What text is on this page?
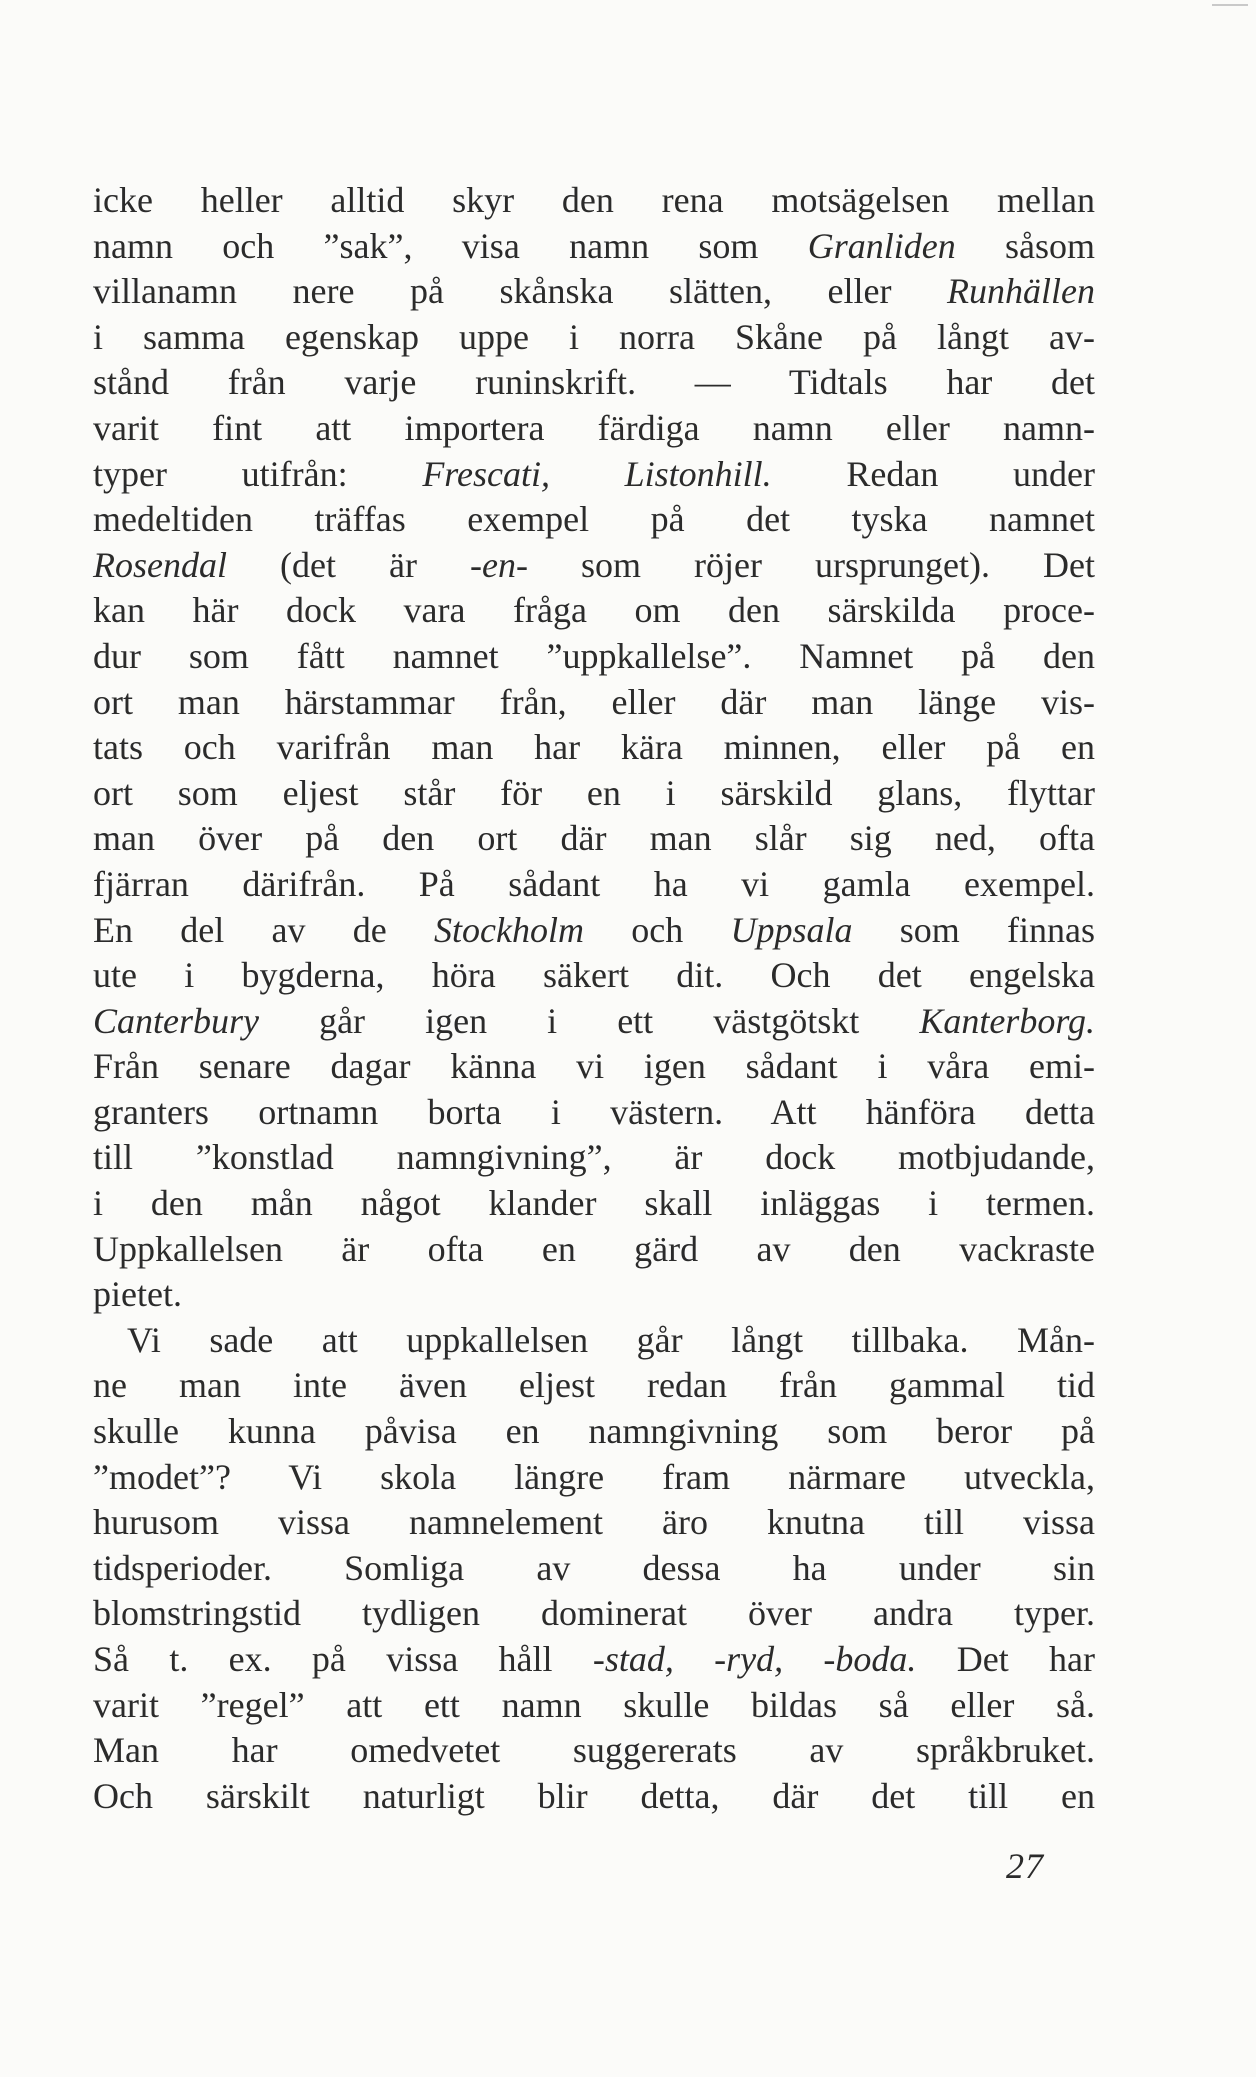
icke heller alltid skyr den rena motsägelsen mellan
namn och ”sak”, visa namn som Granliden såsom
villanamn nere på skånska slätten, eller Runhällen
i samma egenskap uppe i norra Skåne på långt av-
stånd från varje runinskrift. — Tidtals har det
varit fint att importera färdiga namn eller namn-
typer utifrån: Frescati, Listonhill. Redan under
medeltiden träffas exempel på det tyska namnet
Rosendal (det är -en- som röjer ursprunget). Det
kan här dock vara fråga om den särskilda proce-
dur som fått namnet ”uppkallelse”. Namnet på den
ort man härstammar från, eller där man länge vis-
tats och varifrån man har kära minnen, eller på en
ort som eljest står för en i särskild glans, flyttar
man över på den ort där man slår sig ned, ofta
fjärran därifrån. På sådant ha vi gamla exempel.
En del av de Stockholm och Uppsala som finnas
ute i bygderna, höra säkert dit. Och det engelska
Canterbury går igen i ett västgötskt Kanterborg.
Från senare dagar känna vi igen sådant i våra emi-
granters ortnamn borta i västern. Att hänföra detta
till ”konstlad namngivning”, är dock motbjudande,
i den mån något klander skall inläggas i termen.
Uppkallelsen är ofta en gärd av den vackraste
pietet.
Vi sade att uppkallelsen går långt tillbaka. Mån-
ne man inte även eljest redan från gammal tid
skulle kunna påvisa en namngivning som beror på
”modet”? Vi skola längre fram närmare utveckla,
hurusom vissa namnelement äro knutna till vissa
tidsperioder. Somliga av dessa ha under sin
blomstringstid tydligen dominerat över andra typer.
Så t. ex. på vissa håll -stad, -ryd, -boda. Det har
varit ”regel” att ett namn skulle bildas så eller så.
Man har omedvetet suggererats av språkbruket.
Och särskilt naturligt blir detta, där det till en
27
